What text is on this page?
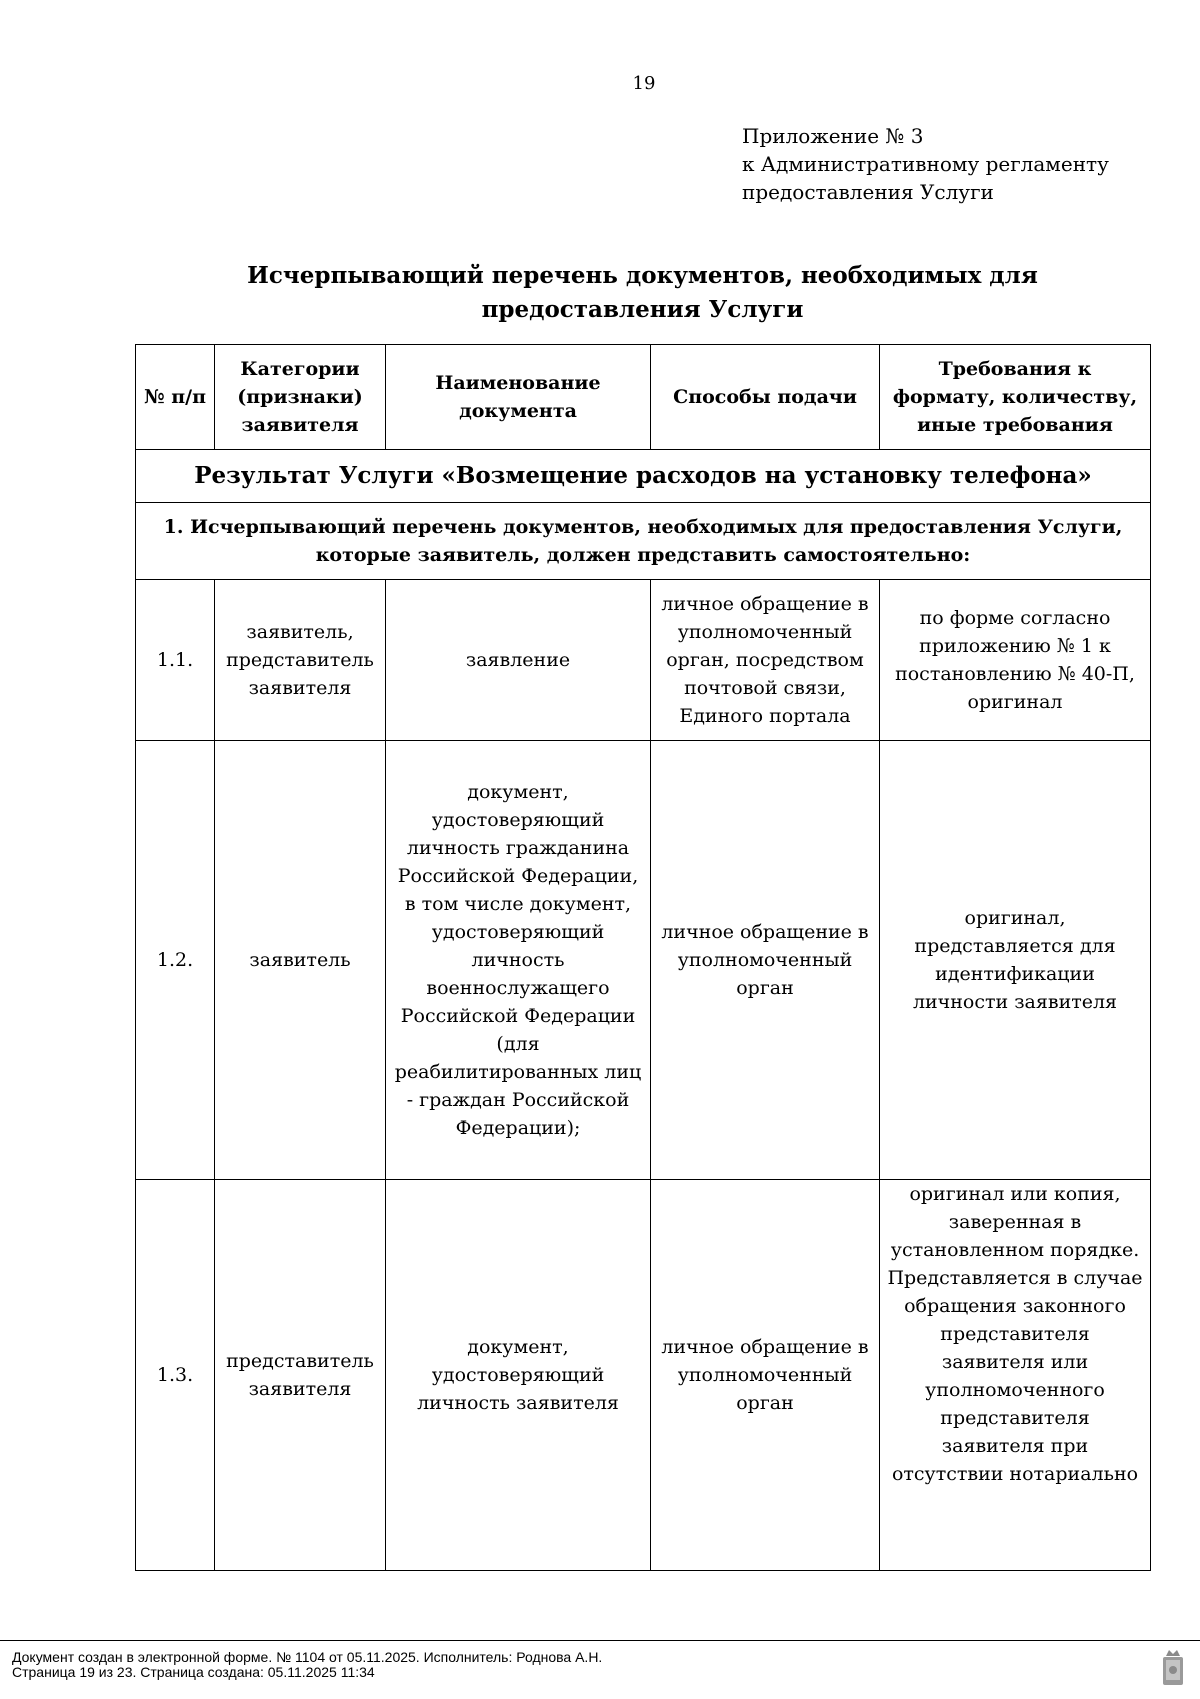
19
Приложение № 3
к Административному регламенту
предоставления Услуги
Исчерпывающий перечень документов, необходимых для
предоставления Услуги
№ п/п	Категории (признаки) заявителя	Наименование документа	Способы подачи	Требования к формату, количеству, иные требования
Результат Услуги «Возмещение расходов на установку телефона»				
1. Исчерпывающий перечень документов, необходимых для предоставления Услуги, которые заявитель, должен представить самостоятельно:				
1.1.	заявитель, представитель заявителя	заявление	личное обращение в уполномоченный орган, посредством почтовой связи, Единого портала	по форме согласно приложению № 1 к постановлению № 40-П, оригинал
1.2.	заявитель	документ, удостоверяющий личность гражданина Российской Федерации, в том числе документ, удостоверяющий личность военнослужащего Российской Федерации (для реабилитированных лиц - граждан Российской Федерации);	личное обращение в уполномоченный орган	оригинал, представляется для идентификации личности заявителя
1.3.	представитель заявителя	документ, удостоверяющий личность заявителя	личное обращение в уполномоченный орган	оригинал или копия, заверенная в установленном порядке. Представляется в случае обращения законного представителя заявителя или уполномоченного представителя заявителя при отсутствии нотариально
Документ создан в электронной форме. № 1104 от 05.11.2025. Исполнитель: Роднова А.Н.
Страница 19 из 23. Страница создана: 05.11.2025 11:34
